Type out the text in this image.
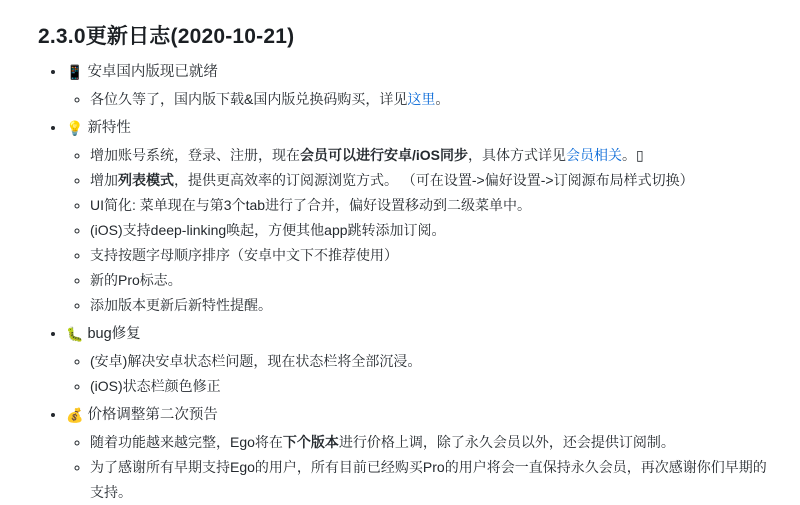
2.3.0更新日志(2020-10-21)
• 📱 安卓国内版现已就绪
◦ 各位久等了，国内版下载&国内版兑换码购买，详见这里。
• 💡 新特性
◦ 增加账号系统，登录、注册，现在会员可以进行安卓/iOS同步，具体方式详见会员相关。▯
◦ 增加列表模式，提供更高效率的订阅源浏览方式。 （可在设置->偏好设置->订阅源布局样式切换）
◦ UI简化: 菜单现在与第3个tab进行了合并，偏好设置移动到二级菜单中。
◦ (iOS)支持deep-linking唤起，方便其他app跳转添加订阅。
◦ 支持按题字母顺序排序（安卓中文下不推荐使用）
◦ 新的Pro标志。
◦ 添加版本更新后新特性提醒。
• 🐛 bug修复
◦ (安卓)解决安卓状态栏问题，现在状态栏将全部沉浸。
◦ (iOS)状态栏颜色修正
• 💰 价格调整第二次预告
◦ 随着功能越来越完整，Ego将在下个版本进行价格上调，除了永久会员以外，还会提供订阅制。
◦ 为了感谢所有早期支持Ego的用户，所有目前已经购买Pro的用户将会一直保持永久会员，再次感谢你们早期的支持。
